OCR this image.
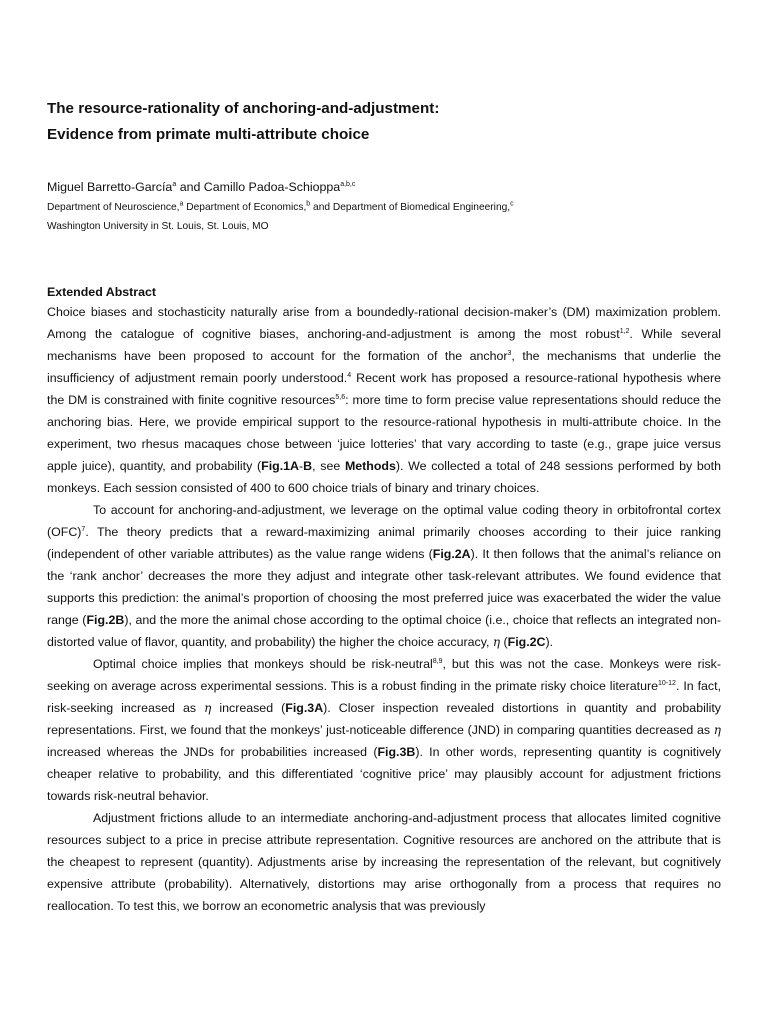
The resource-rationality of anchoring-and-adjustment:
Evidence from primate multi-attribute choice
Miguel Barretto-García$^a$ and Camillo Padoa-Schioppa$^{a,b,c}$
Department of Neuroscience,$^a$ Department of Economics,$^b$ and Department of Biomedical Engineering,$^c$
Washington University in St. Louis, St. Louis, MO
Extended Abstract

Choice biases and stochasticity naturally arise from a boundedly-rational decision-maker’s (DM) maximization problem. Among the catalogue of cognitive biases, anchoring-and-adjustment is among the most robust$^{1,2}$. While several mechanisms have been proposed to account for the formation of the anchor$^3$, the mechanisms that underlie the insufficiency of adjustment remain poorly understood.$^4$ Recent work has proposed a resource-rational hypothesis where the DM is constrained with finite cognitive resources$^{5,6}$: more time to form precise value representations should reduce the anchoring bias. Here, we provide empirical support to the resource-rational hypothesis in multi-attribute choice. In the experiment, two rhesus macaques chose between ‘juice lotteries’ that vary according to taste (e.g., grape juice versus apple juice), quantity, and probability (Fig.1A-B, see Methods). We collected a total of 248 sessions performed by both monkeys. Each session consisted of 400 to 600 choice trials of binary and trinary choices.

To account for anchoring-and-adjustment, we leverage on the optimal value coding theory in orbitofrontal cortex (OFC)$^7$. The theory predicts that a reward-maximizing animal primarily chooses according to their juice ranking (independent of other variable attributes) as the value range widens (Fig.2A). It then follows that the animal’s reliance on the ‘rank anchor’ decreases the more they adjust and integrate other task-relevant attributes. We found evidence that supports this prediction: the animal’s proportion of choosing the most preferred juice was exacerbated the wider the value range (Fig.2B), and the more the animal chose according to the optimal choice (i.e., choice that reflects an integrated non-distorted value of flavor, quantity, and probability) the higher the choice accuracy, η (Fig.2C).

Optimal choice implies that monkeys should be risk-neutral$^{8,9}$, but this was not the case. Monkeys were risk-seeking on average across experimental sessions. This is a robust finding in the primate risky choice literature$^{10-12}$. In fact, risk-seeking increased as η increased (Fig.3A). Closer inspection revealed distortions in quantity and probability representations. First, we found that the monkeys’ just-noticeable difference (JND) in comparing quantities decreased as η increased whereas the JNDs for probabilities increased (Fig.3B). In other words, representing quantity is cognitively cheaper relative to probability, and this differentiated ‘cognitive price’ may plausibly account for adjustment frictions towards risk-neutral behavior.

Adjustment frictions allude to an intermediate anchoring-and-adjustment process that allocates limited cognitive resources subject to a price in precise attribute representation. Cognitive resources are anchored on the attribute that is the cheapest to represent (quantity). Adjustments arise by increasing the representation of the relevant, but cognitively expensive attribute (probability). Alternatively, distortions may arise orthogonally from a process that requires no reallocation. To test this, we borrow an econometric analysis that was previously
